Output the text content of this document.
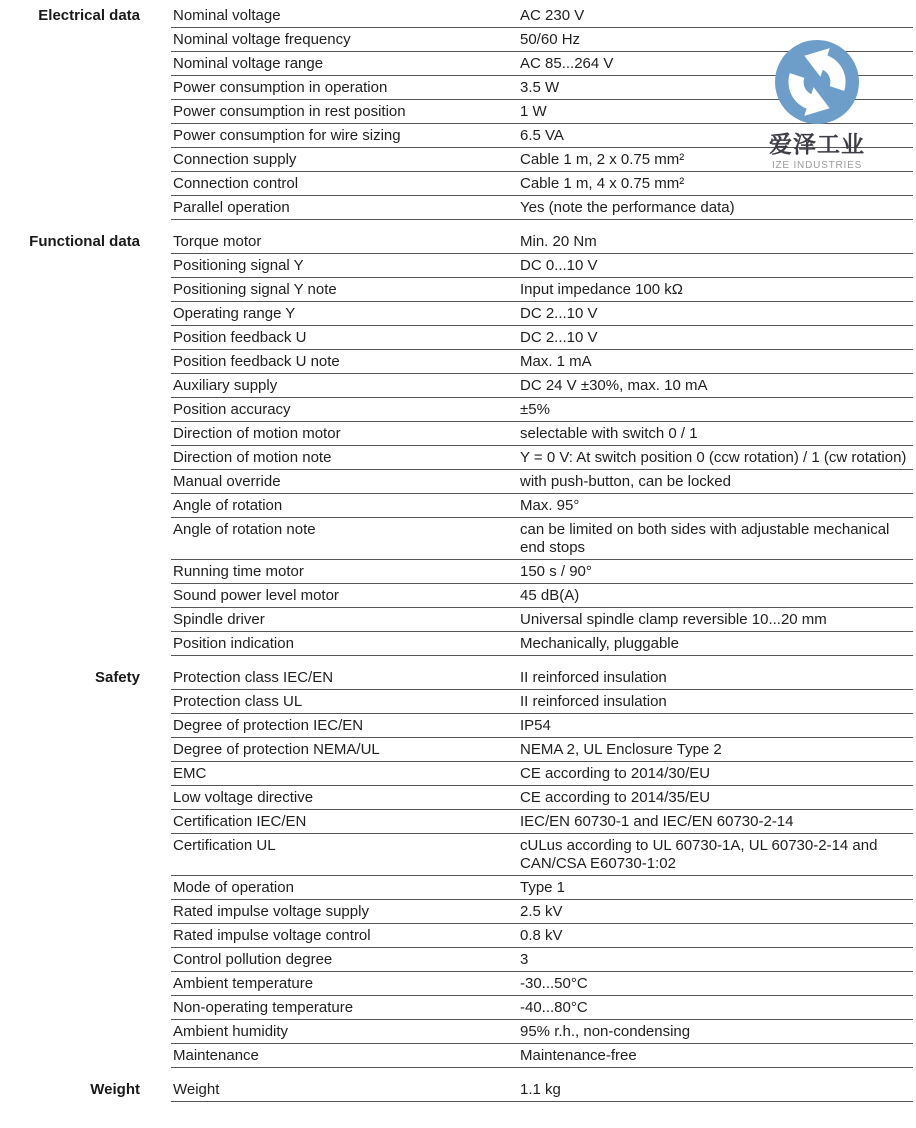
Electrical data Nominal voltage	AC 230 V
Nominal voltage frequency	50/60 Hz
Nominal voltage range	AC 85...264 V
Power consumption in operation	3.5 W
Power consumption in rest position	1 W
Power consumption for wire sizing	6.5 VA
Connection supply	Cable 1 m, 2 x 0.75 mm²
Connection control	Cable 1 m, 4 x 0.75 mm²
Parallel operation	Yes (note the performance data)
Functional data Torque motor	Min. 20 Nm
Positioning signal Y	DC 0...10 V
Positioning signal Y note	Input impedance 100 kΩ
Operating range Y	DC 2...10 V
Position feedback U	DC 2...10 V
Position feedback U note	Max. 1 mA
Auxiliary supply	DC 24 V ±30%, max. 10 mA
Position accuracy	±5%
Direction of motion motor	selectable with switch 0 / 1
Direction of motion note	Y = 0 V: At switch position 0 (ccw rotation) / 1 (cw rotation)
Manual override	with push-button, can be locked
Angle of rotation	Max. 95°
Angle of rotation note	can be limited on both sides with adjustable mechanical end stops
Running time motor	150 s / 90°
Sound power level motor	45 dB(A)
Spindle driver	Universal spindle clamp reversible 10...20 mm
Position indication	Mechanically, pluggable
Safety Protection class IEC/EN	II reinforced insulation
Protection class UL	II reinforced insulation
Degree of protection IEC/EN	IP54
Degree of protection NEMA/UL	NEMA 2, UL Enclosure Type 2
EMC	CE according to 2014/30/EU
Low voltage directive	CE according to 2014/35/EU
Certification IEC/EN	IEC/EN 60730-1 and IEC/EN 60730-2-14
Certification UL	cULus according to UL 60730-1A, UL 60730-2-14 and CAN/CSA E60730-1:02
Mode of operation	Type 1
Rated impulse voltage supply	2.5 kV
Rated impulse voltage control	0.8 kV
Control pollution degree	3
Ambient temperature	-30...50°C
Non-operating temperature	-40...80°C
Ambient humidity	95% r.h., non-condensing
Maintenance	Maintenance-free
Weight Weight	1.1 kg
爱泽工业
IZE INDUSTRIES
